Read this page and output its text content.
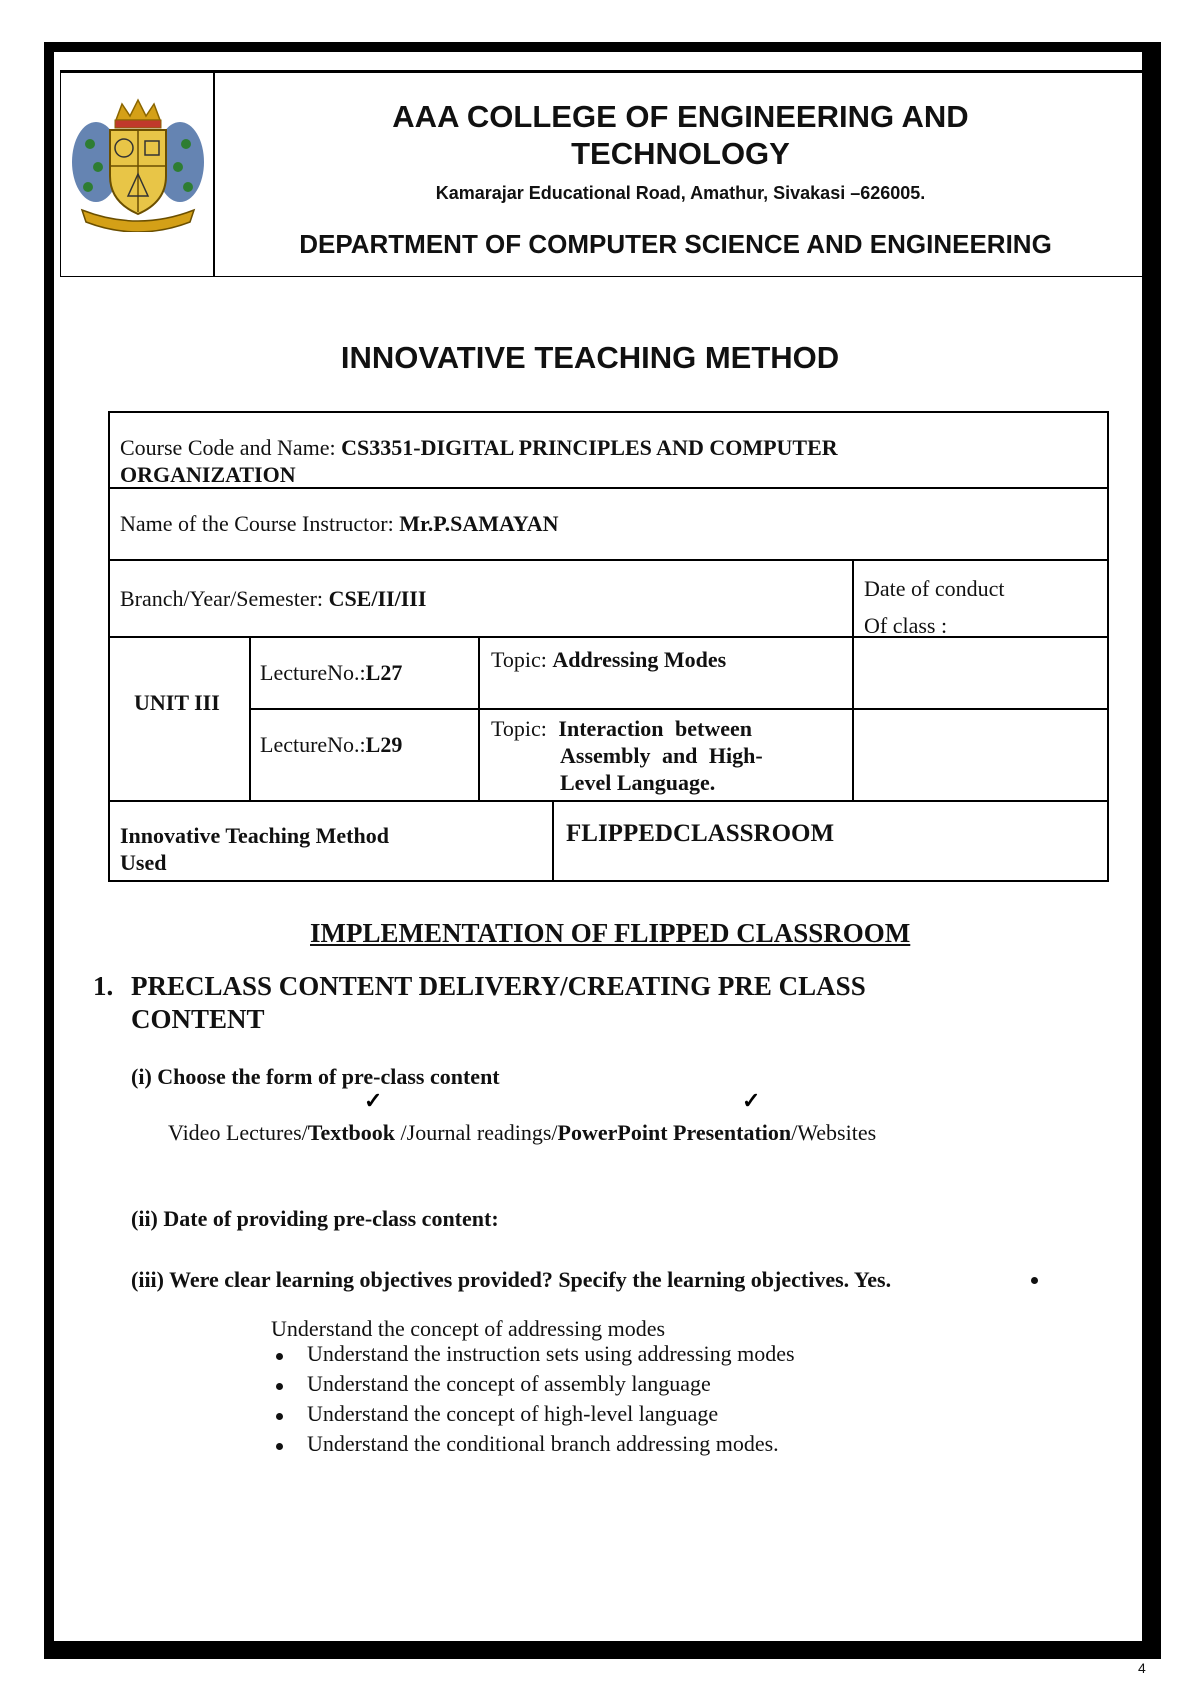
AAA COLLEGE OF ENGINEERING AND TECHNOLOGY
Kamarajar Educational Road, Amathur, Sivakasi –626005.
DEPARTMENT OF COMPUTER SCIENCE AND ENGINEERING
INNOVATIVE TEACHING METHOD
Course Code and Name: CS3351-DIGITAL PRINCIPLES AND COMPUTER
ORGANIZATION
Name of the Course Instructor: Mr.P.SAMAYAN
Branch/Year/Semester: CSE/II/III	Date of conduct
Of class :
UNIT III
LectureNo.:L27
Topic: Addressing Modes
LectureNo.:L29
Topic: Interaction between
Assembly and High-
Level Language.
Innovative Teaching Method
Used
FLIPPEDCLASSROOM
IMPLEMENTATION OF FLIPPED CLASSROOM
1. PRECLASS CONTENT DELIVERY/CREATING PRE CLASS
CONTENT
(i) Choose the form of pre-class content
✓	✓
Video Lectures/Textbook /Journal readings/PowerPoint Presentation/Websites
(ii) Date of providing pre-class content:
(iii) Were clear learning objectives provided? Specify the learning objectives. Yes.
Understand the concept of addressing modes
Understand the instruction sets using addressing modes
Understand the concept of assembly language
Understand the concept of high-level language
Understand the conditional branch addressing modes.
4
